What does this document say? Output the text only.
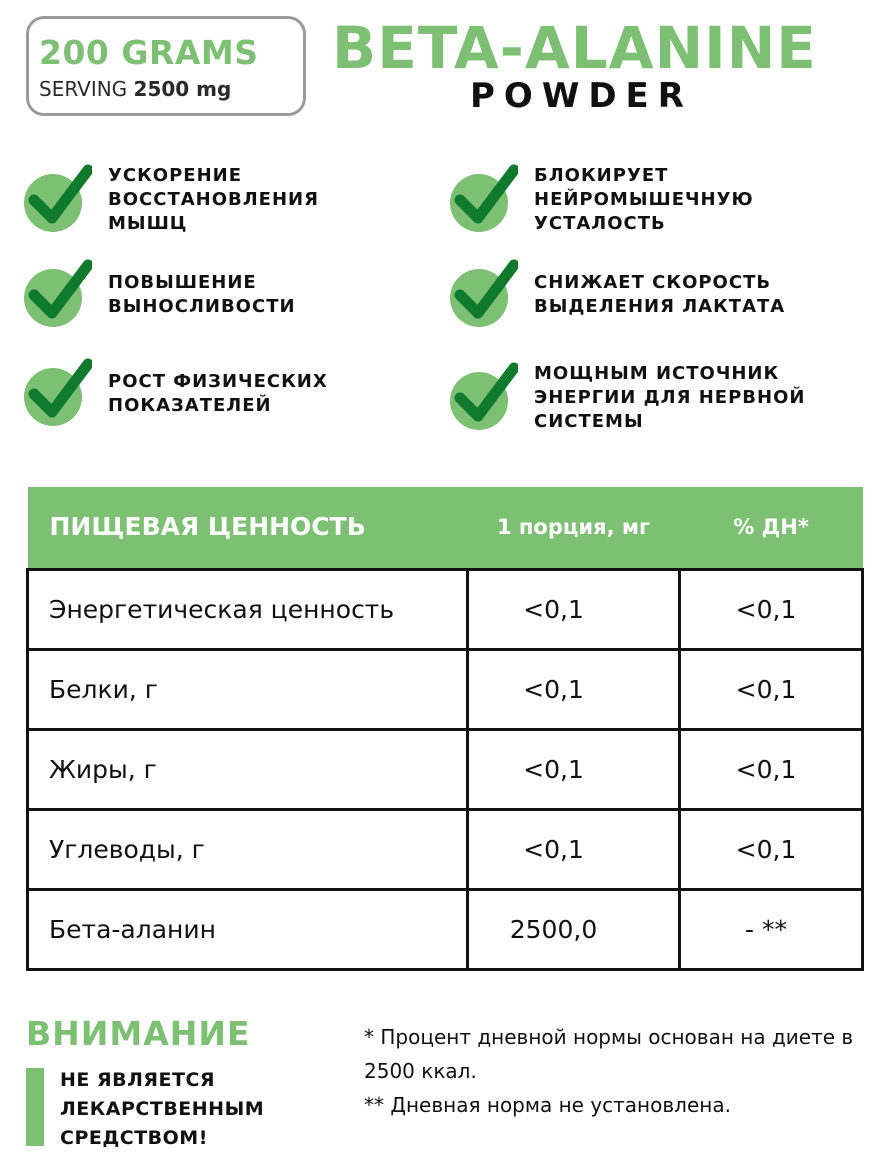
200 GRAMS
SERVING 2500 mg
BETA-ALANINE
POWDER
УСКОРЕНИЕ ВОССТАНОВЛЕНИЯ МЫШЦ
БЛОКИРУЕТ НЕЙРОМЫШЕЧНУЮ УСТАЛОСТЬ
ПОВЫШЕНИЕ ВЫНОСЛИВОСТИ
СНИЖАЕТ СКОРОСТЬ ВЫДЕЛЕНИЯ ЛАКТАТА
РОСТ ФИЗИЧЕСКИХ ПОКАЗАТЕЛЕЙ
МОЩНЫМ ИСТОЧНИК ЭНЕРГИИ ДЛЯ НЕРВНОЙ СИСТЕМЫ
ПИЩЕВАЯ ЦЕННОСТЬ	1 порция, мг	% ДН*
Энергетическая ценность	<0,1	<0,1
Белки, г	<0,1	<0,1
Жиры, г	<0,1	<0,1
Углеводы, г	<0,1	<0,1
Бета-аланин	2500,0	- **
ВНИМАНИЕ
НЕ ЯВЛЯЕТСЯ ЛЕКАРСТВЕННЫМ СРЕДСТВОМ!
* Процент дневной нормы основан на диете в 2500 ккал.
** Дневная норма не установлена.
